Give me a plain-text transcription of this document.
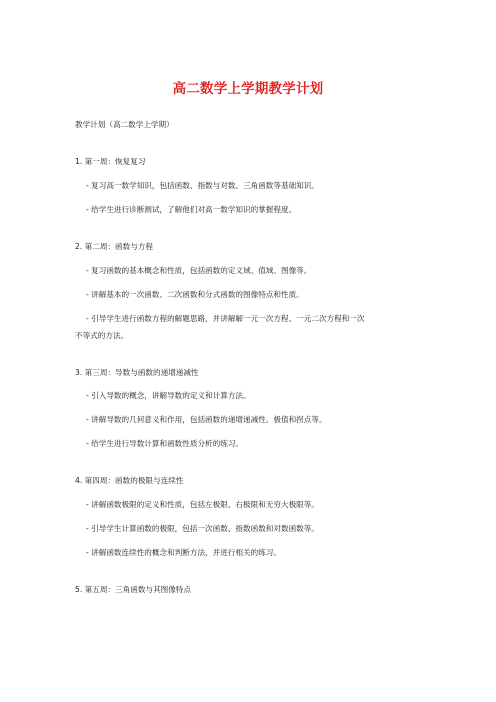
高二数学上学期教学计划
教学计划（高二数学上学期）
1. 第一周：恢复复习
- 复习高一数学知识，包括函数、指数与对数、三角函数等基础知识。
- 给学生进行诊断测试，了解他们对高一数学知识的掌握程度。
2. 第二周：函数与方程
- 复习函数的基本概念和性质，包括函数的定义域、值域、图像等。
- 讲解基本的一次函数、二次函数和分式函数的图像特点和性质。
- 引导学生进行函数方程的解题思路，并讲解解一元一次方程、一元二次方程和一次
不等式的方法。
3. 第三周：导数与函数的递增递减性
- 引入导数的概念，讲解导数的定义和计算方法。
- 讲解导数的几何意义和作用，包括函数的递增递减性、极值和拐点等。
- 给学生进行导数计算和函数性质分析的练习。
4. 第四周：函数的极限与连续性
- 讲解函数极限的定义和性质，包括左极限、右极限和无穷大极限等。
- 引导学生计算函数的极限，包括一次函数、指数函数和对数函数等。
- 讲解函数连续性的概念和判断方法，并进行相关的练习。
5. 第五周：三角函数与其图像特点
